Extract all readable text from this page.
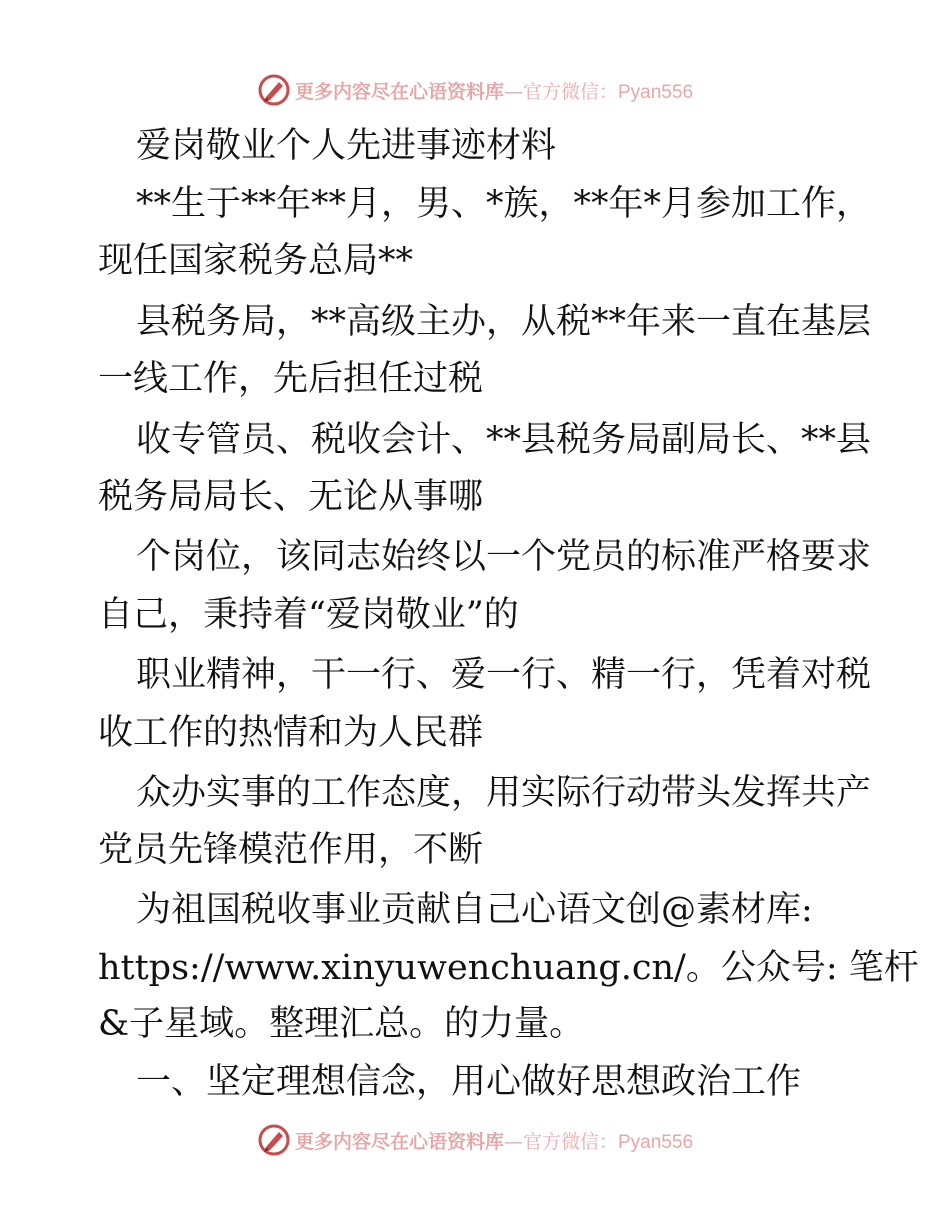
更多内容尽在心语资料库—官方微信：Pyan556
爱岗敬业个人先进事迹材料
**生于**年**月，男、*族，**年*月参加工作，
现任国家税务总局**
县税务局，**高级主办，从税**年来一直在基层
一线工作，先后担任过税
收专管员、税收会计、**县税务局副局长、**县
税务局局长、无论从事哪
个岗位，该同志始终以一个党员的标准严格要求
自己，秉持着“爱岗敬业”的
职业精神，干一行、爱一行、精一行，凭着对税
收工作的热情和为人民群
众办实事的工作态度，用实际行动带头发挥共产
党员先锋模范作用，不断
为祖国税收事业贡献自己心语文创@素材库:
https://www.xinyuwenchuang.cn/。公众号: 笔杆
&子星域。整理汇总。的力量。
一、坚定理想信念，用心做好思想政治工作
更多内容尽在心语资料库—官方微信：Pyan556
